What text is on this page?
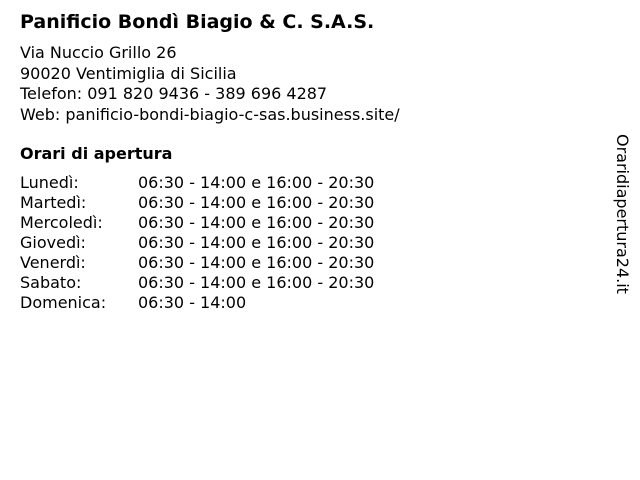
Panificio Bondì Biagio & C. S.A.S.
Via Nuccio Grillo 26
90020 Ventimiglia di Sicilia
Telefon: 091 820 9436 - 389 696 4287
Web: panificio-bondi-biagio-c-sas.business.site/
Orari di apertura
Lunedì:	06:30 - 14:00 e 16:00 - 20:30
Martedì:	06:30 - 14:00 e 16:00 - 20:30
Mercoledì: 06:30 - 14:00 e 16:00 - 20:30
Giovedì:	06:30 - 14:00 e 16:00 - 20:30
Venerdì:	06:30 - 14:00 e 16:00 - 20:30
Sabato:	06:30 - 14:00 e 16:00 - 20:30
Domenica: 06:30 - 14:00
Oraridiapertura24.it
